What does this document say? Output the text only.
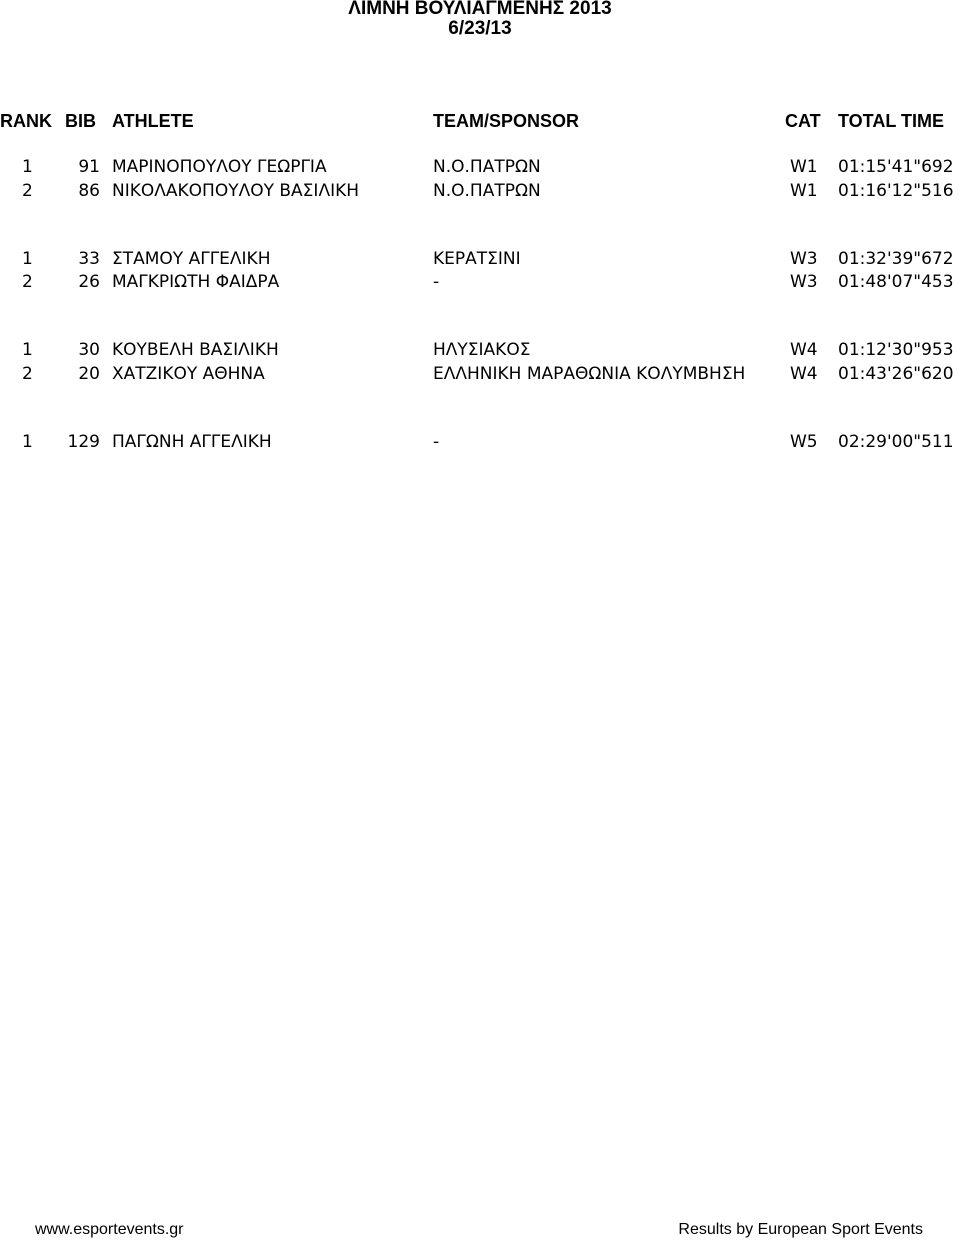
ΛΙΜΝΗ ΒΟΥΛΙΑΓΜΕΝΗΣ 2013
6/23/13
RANK BIB ATHLETE	TEAM/SPONSOR	CAT TOTAL TIME
1	91 ΜΑΡΙΝΟΠΟΥΛΟΥ ΓΕΩΡΓΙΑ	Ν.Ο.ΠΑΤΡΩΝ	W1 01:15'41"692
2	86 ΝΙΚΟΛΑΚΟΠΟΥΛΟΥ ΒΑΣΙΛΙΚΗ	Ν.Ο.ΠΑΤΡΩΝ	W1 01:16'12"516
1	33 ΣΤΑΜΟΥ ΑΓΓΕΛΙΚΗ	ΚΕΡΑΤΣΙΝΙ	W3 01:32'39"672
2	26 ΜΑΓΚΡΙΩΤΗ ΦΑΙΔΡΑ	-	W3 01:48'07"453
1	30 ΚΟΥΒΕΛΗ ΒΑΣΙΛΙΚΗ	ΗΛΥΣΙΑΚΟΣ	W4 01:12'30"953
2	20 ΧΑΤΖΙΚΟΥ ΑΘΗΝΑ	ΕΛΛΗΝΙΚΗ ΜΑΡΑΘΩΝΙΑ ΚΟΛΥΜΒΗΣΗ	W4 01:43'26"620
1	129 ΠΑΓΩΝΗ ΑΓΓΕΛΙΚΗ	-	W5 02:29'00"511
www.esportevents.gr	Results by European Sport Events
